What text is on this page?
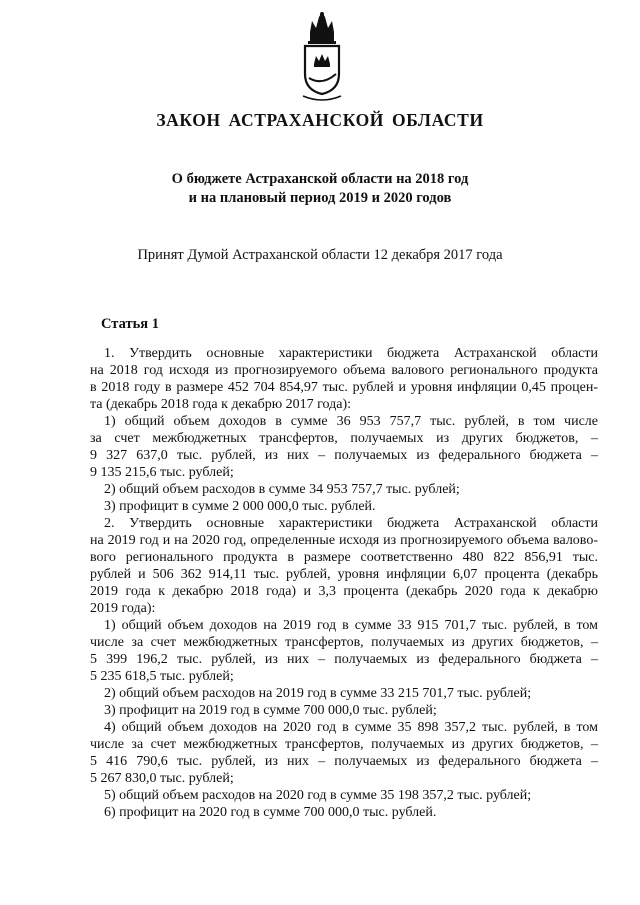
ЗАКОН АСТРАХАНСКОЙ ОБЛАСТИ
О бюджете Астраханской области на 2018 год
и на плановый период 2019 и 2020 годов
Принят Думой Астраханской области 12 декабря 2017 года
Статья 1
1. Утвердить основные характеристики бюджета Астраханской области
на 2018 год исходя из прогнозируемого объема валового регионального продукта
в 2018 году в размере 452 704 854,97 тыс. рублей и уровня инфляции 0,45 процен-
та (декабрь 2018 года к декабрю 2017 года):
1) общий объем доходов в сумме 36 953 757,7 тыс. рублей, в том числе
за счет межбюджетных трансфертов, получаемых из других бюджетов, –
9 327 637,0 тыс. рублей, из них – получаемых из федерального бюджета –
9 135 215,6 тыс. рублей;
2) общий объем расходов в сумме 34 953 757,7 тыс. рублей;
3) профицит в сумме 2 000 000,0 тыс. рублей.
2. Утвердить основные характеристики бюджета Астраханской области
на 2019 год и на 2020 год, определенные исходя из прогнозируемого объема валово-
вого регионального продукта в размере соответственно 480 822 856,91 тыс.
рублей и 506 362 914,11 тыс. рублей, уровня инфляции 6,07 процента (декабрь
2019 года к декабрю 2018 года) и 3,3 процента (декабрь 2020 года к декабрю
2019 года):
1) общий объем доходов на 2019 год в сумме 33 915 701,7 тыс. рублей, в том
числе за счет межбюджетных трансфертов, получаемых из других бюджетов, –
5 399 196,2 тыс. рублей, из них – получаемых из федерального бюджета –
5 235 618,5 тыс. рублей;
2) общий объем расходов на 2019 год в сумме 33 215 701,7 тыс. рублей;
3) профицит на 2019 год в сумме 700 000,0 тыс. рублей;
4) общий объем доходов на 2020 год в сумме 35 898 357,2 тыс. рублей, в том
числе за счет межбюджетных трансфертов, получаемых из других бюджетов, –
5 416 790,6 тыс. рублей, из них – получаемых из федерального бюджета –
5 267 830,0 тыс. рублей;
5) общий объем расходов на 2020 год в сумме 35 198 357,2 тыс. рублей;
6) профицит на 2020 год в сумме 700 000,0 тыс. рублей.
